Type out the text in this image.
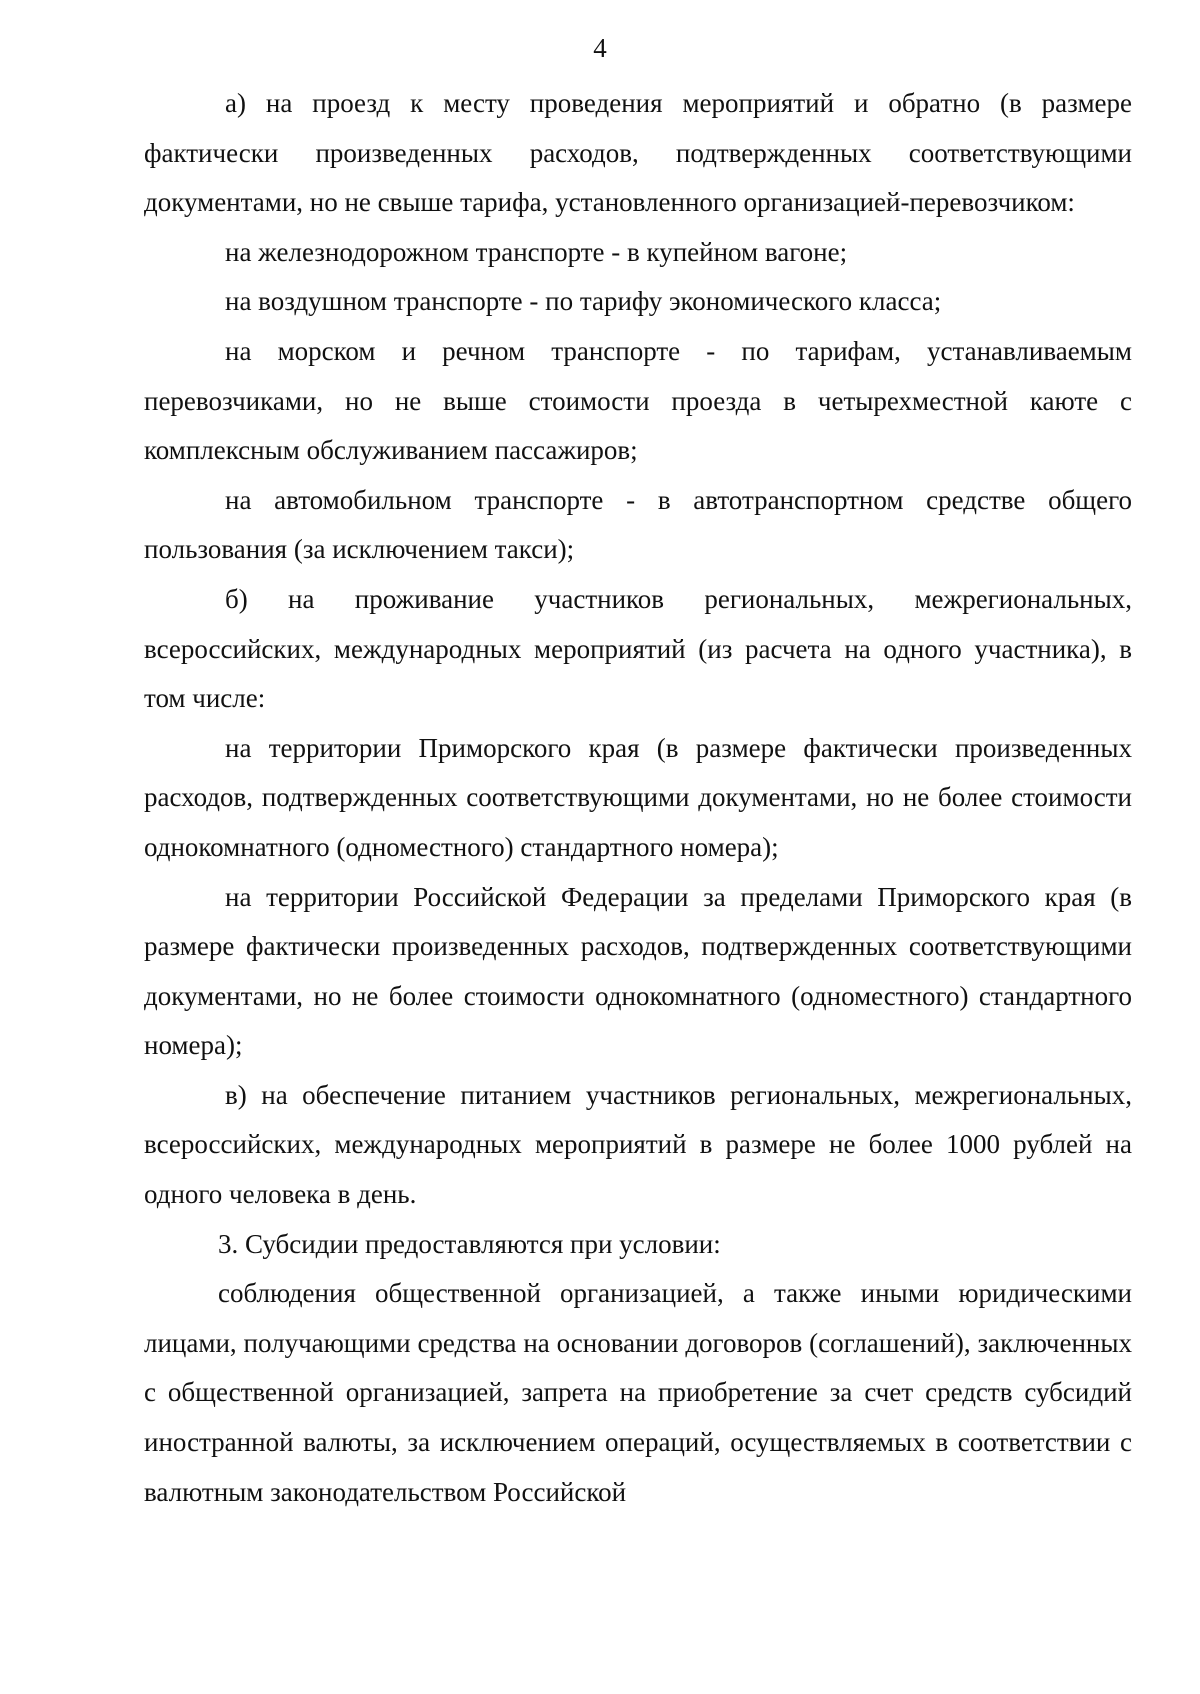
4

а) на проезд к месту проведения мероприятий и обратно (в размере фактически произведенных расходов, подтвержденных соответствующими документами, но не свыше тарифа, установленного организацией-перевозчиком:

на железнодорожном транспорте - в купейном вагоне;

на воздушном транспорте - по тарифу экономического класса;

на морском и речном транспорте - по тарифам, устанавливаемым перевозчиками, но не выше стоимости проезда в четырехместной каюте с комплексным обслуживанием пассажиров;

на автомобильном транспорте - в автотранспортном средстве общего пользования (за исключением такси);

б) на проживание участников региональных, межрегиональных, всероссийских, международных мероприятий (из расчета на одного участника), в том числе:

на территории Приморского края (в размере фактически произведенных расходов, подтвержденных соответствующими документами, но не более стоимости однокомнатного (одноместного) стандартного номера);

на территории Российской Федерации за пределами Приморского края (в размере фактически произведенных расходов, подтвержденных соответствующими документами, но не более стоимости однокомнатного (одноместного) стандартного номера);

в) на обеспечение питанием участников региональных, межрегиональных, всероссийских, международных мероприятий в размере не более 1000 рублей на одного человека в день.

3. Субсидии предоставляются при условии:

соблюдения общественной организацией, а также иными юридическими лицами, получающими средства на основании договоров (соглашений), заключенных с общественной организацией, запрета на приобретение за счет средств субсидий иностранной валюты, за исключением операций, осуществляемых в соответствии с валютным законодательством Российской
